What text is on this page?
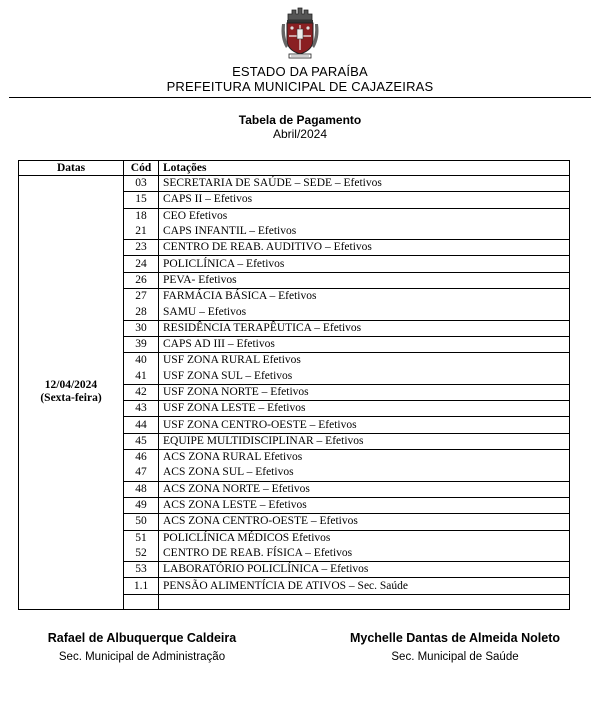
ESTADO DA PARAÍBA
PREFEITURA MUNICIPAL DE CAJAZEIRAS
Tabela de Pagamento
Abril/2024
Datas	Cód	Lotações

12/04/2024
(Sexta-feira)	03	SECRETARIA DE SAÚDE – SEDE – Efetivos
	15	CAPS II – Efetivos
	18	CEO Efetivos
	21	CAPS INFANTIL – Efetivos
	23	CENTRO DE REAB. AUDITIVO – Efetivos
	24	POLICLÍNICA – Efetivos
	26	PEVA- Efetivos
	27	FARMÁCIA BÁSICA – Efetivos
	28	SAMU – Efetivos
	30	RESIDÊNCIA TERAPÊUTICA – Efetivos
	39	CAPS AD III – Efetivos
	40	USF ZONA RURAL Efetivos
	41	USF ZONA SUL – Efetivos
	42	USF ZONA NORTE – Efetivos
	43	USF ZONA LESTE – Efetivos
	44	USF ZONA CENTRO-OESTE – Efetivos
	45	EQUIPE MULTIDISCIPLINAR – Efetivos
	46	ACS ZONA RURAL Efetivos
	47	ACS ZONA SUL – Efetivos
	48	ACS ZONA NORTE – Efetivos
	49	ACS ZONA LESTE – Efetivos
	50	ACS ZONA CENTRO-OESTE – Efetivos
	51	POLICLÍNICA MÉDICOS Efetivos
	52	CENTRO DE REAB. FÍSICA – Efetivos
	53	LABORATÓRIO POLICLÍNICA – Efetivos
	1.1	PENSÃO ALIMENTÍCIA DE ATIVOS – Sec. Saúde

Rafael de Albuquerque Caldeira
Sec. Municipal de Administração
Mychelle Dantas de Almeida Noleto
Sec. Municipal de Saúde
